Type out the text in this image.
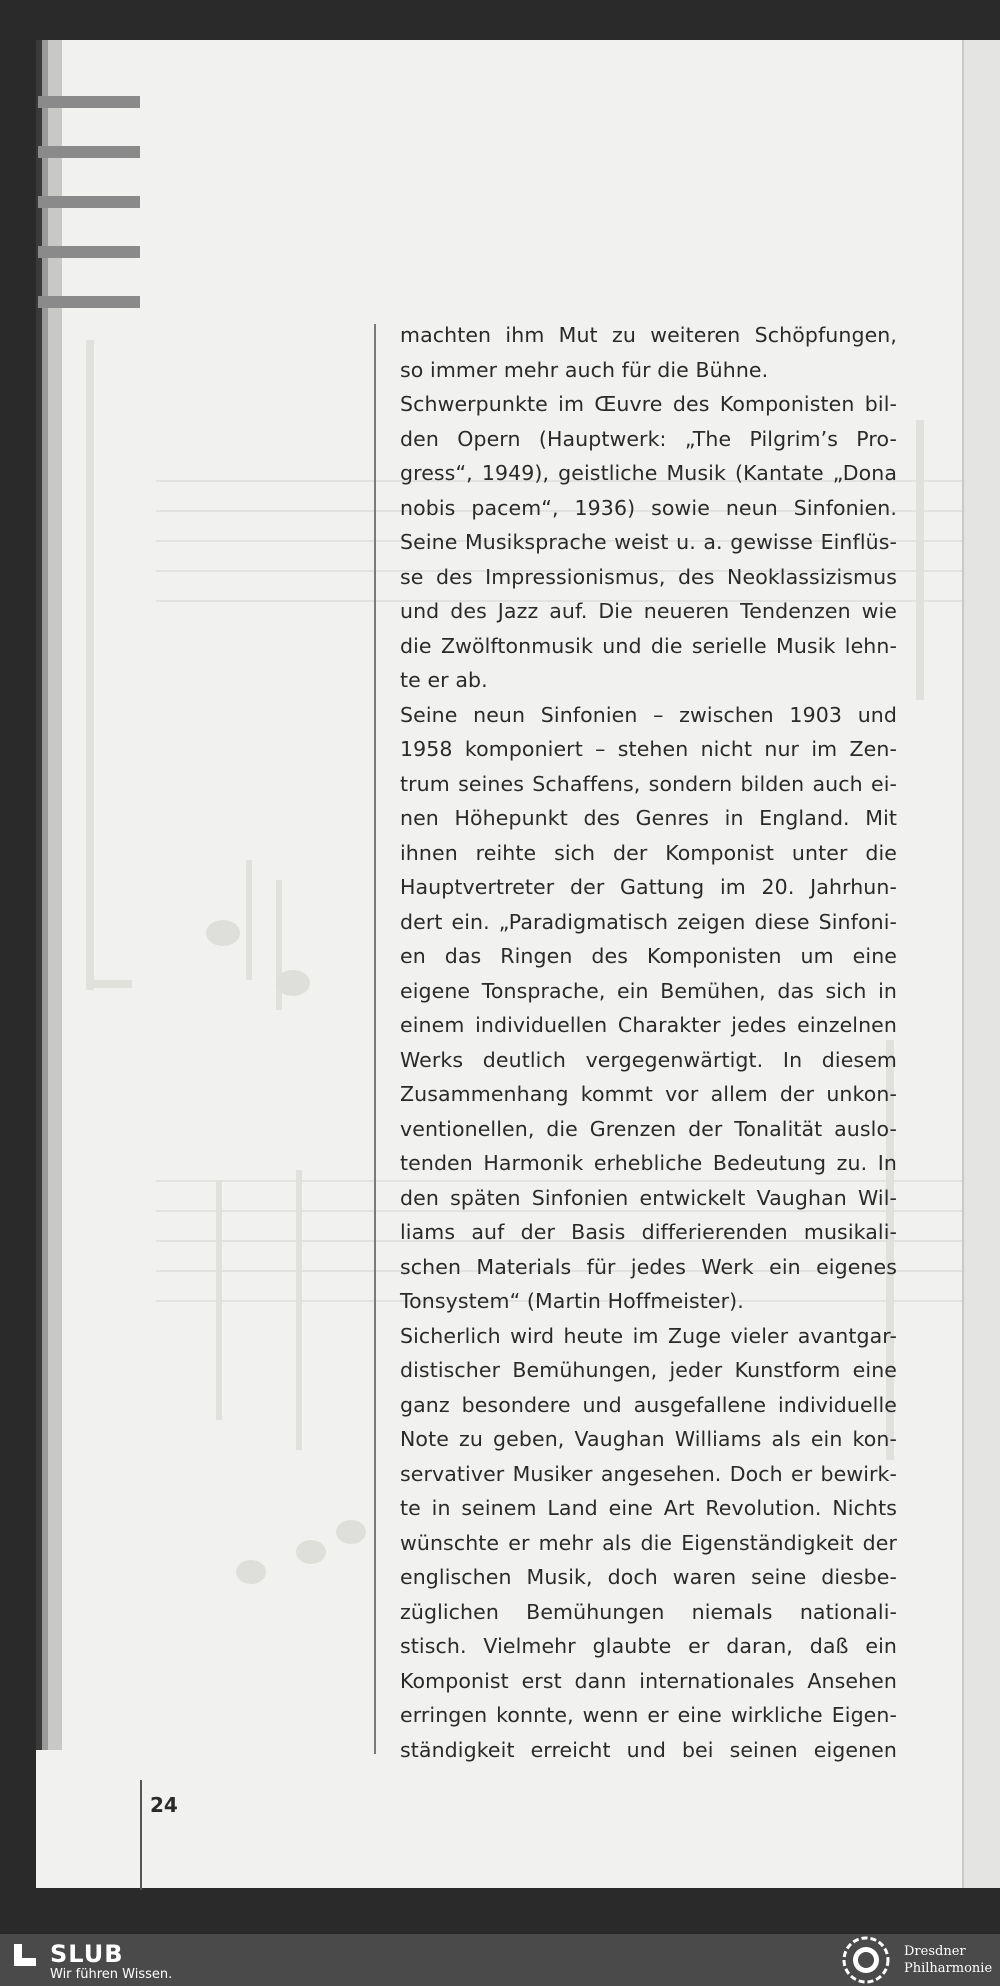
machten ihm Mut zu weiteren Schöpfungen,
so immer mehr auch für die Bühne.
Schwerpunkte im Œuvre des Komponisten bil-
den Opern (Hauptwerk: „The Pilgrim’s Pro-
gress“, 1949), geistliche Musik (Kantate „Dona
nobis pacem“, 1936) sowie neun Sinfonien.
Seine Musiksprache weist u. a. gewisse Einflüs-
se des Impressionismus, des Neoklassizismus
und des Jazz auf. Die neueren Tendenzen wie
die Zwölftonmusik und die serielle Musik lehn-
te er ab.
Seine neun Sinfonien – zwischen 1903 und
1958 komponiert – stehen nicht nur im Zen-
trum seines Schaffens, sondern bilden auch ei-
nen Höhepunkt des Genres in England. Mit
ihnen reihte sich der Komponist unter die
Hauptvertreter der Gattung im 20. Jahrhun-
dert ein. „Paradigmatisch zeigen diese Sinfoni-
en das Ringen des Komponisten um eine
eigene Tonsprache, ein Bemühen, das sich in
einem individuellen Charakter jedes einzelnen
Werks deutlich vergegenwärtigt. In diesem
Zusammenhang kommt vor allem der unkon-
ventionellen, die Grenzen der Tonalität auslo-
tenden Harmonik erhebliche Bedeutung zu. In
den späten Sinfonien entwickelt Vaughan Wil-
liams auf der Basis differierenden musikali-
schen Materials für jedes Werk ein eigenes
Tonsystem“ (Martin Hoffmeister).
Sicherlich wird heute im Zuge vieler avantgar-
distischer Bemühungen, jeder Kunstform eine
ganz besondere und ausgefallene individuelle
Note zu geben, Vaughan Williams als ein kon-
servativer Musiker angesehen. Doch er bewirk-
te in seinem Land eine Art Revolution. Nichts
wünschte er mehr als die Eigenständigkeit der
englischen Musik, doch waren seine diesbe-
züglichen Bemühungen niemals nationali-
stisch. Vielmehr glaubte er daran, daß ein
Komponist erst dann internationales Ansehen
erringen konnte, wenn er eine wirkliche Eigen-
ständigkeit erreicht und bei seinen eigenen
24
SLUB
Wir führen Wissen.
Dresdner
Philharmonie
